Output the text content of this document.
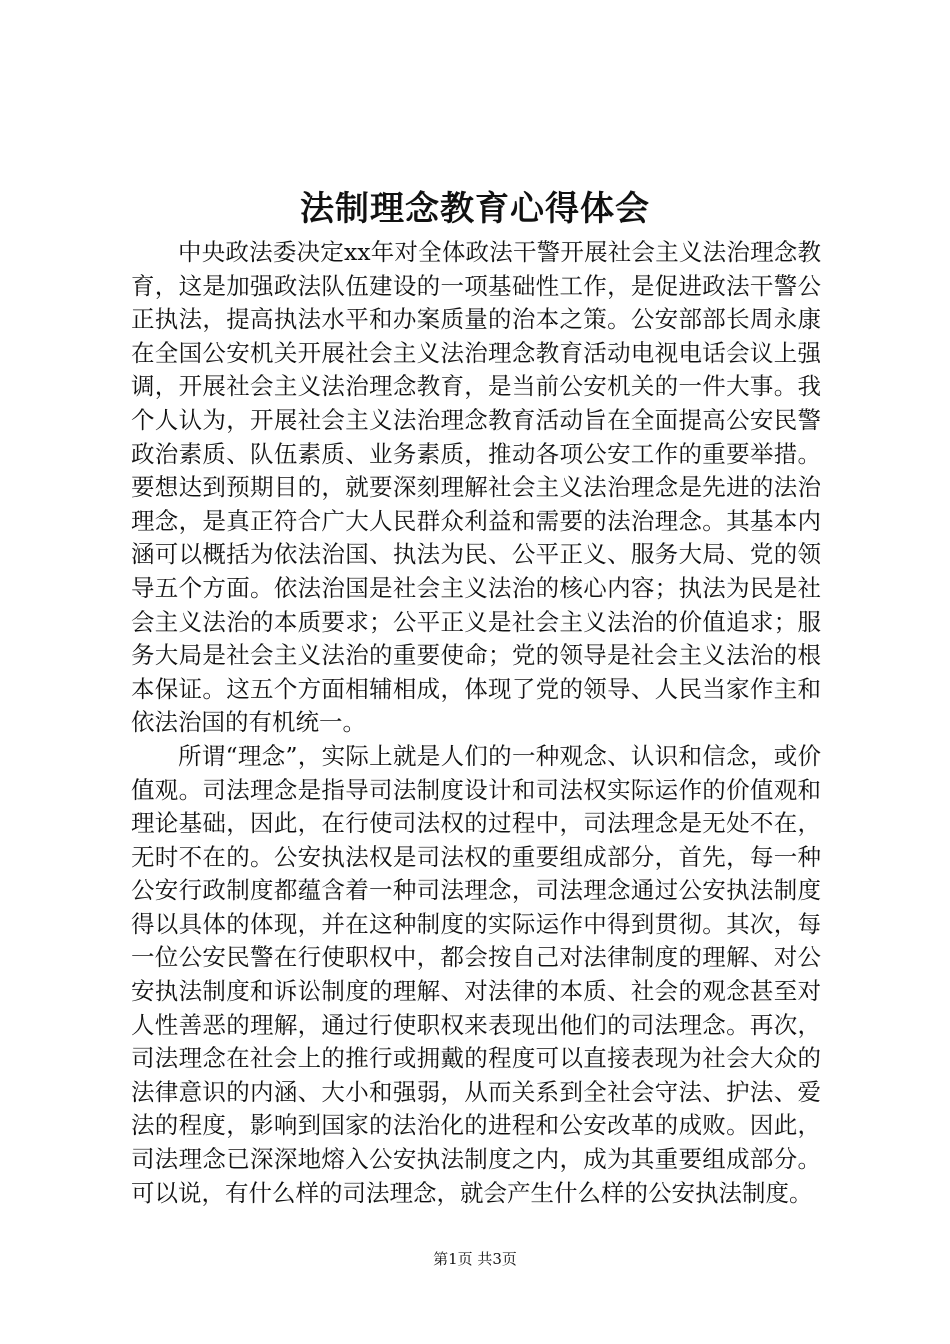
法制理念教育心得体会

中央政法委决定xx年对全体政法干警开展社会主义法治理念教育，这是加强政法队伍建设的一项基础性工作，是促进政法干警公正执法，提高执法水平和办案质量的治本之策。公安部部长周永康在全国公安机关开展社会主义法治理念教育活动电视电话会议上强调，开展社会主义法治理念教育，是当前公安机关的一件大事。我个人认为，开展社会主义法治理念教育活动旨在全面提高公安民警政治素质、队伍素质、业务素质，推动各项公安工作的重要举措。要想达到预期目的，就要深刻理解社会主义法治理念是先进的法治理念，是真正符合广大人民群众利益和需要的法治理念。其基本内涵可以概括为依法治国、执法为民、公平正义、服务大局、党的领导五个方面。依法治国是社会主义法治的核心内容；执法为民是社会主义法治的本质要求；公平正义是社会主义法治的价值追求；服务大局是社会主义法治的重要使命；党的领导是社会主义法治的根本保证。这五个方面相辅相成，体现了党的领导、人民当家作主和依法治国的有机统一。

所谓“理念”，实际上就是人们的一种观念、认识和信念，或价值观。司法理念是指导司法制度设计和司法权实际运作的价值观和理论基础，因此，在行使司法权的过程中，司法理念是无处不在，无时不在的。公安执法权是司法权的重要组成部分，首先，每一种公安行政制度都蕴含着一种司法理念，司法理念通过公安执法制度得以具体的体现，并在这种制度的实际运作中得到贯彻。其次，每一位公安民警在行使职权中，都会按自己对法律制度的理解、对公安执法制度和诉讼制度的理解、对法律的本质、社会的观念甚至对人性善恶的理解，通过行使职权来表现出他们的司法理念。再次，司法理念在社会上的推行或拥戴的程度可以直接表现为社会大众的法律意识的内涵、大小和强弱，从而关系到全社会守法、护法、爱法的程度，影响到国家的法治化的进程和公安改革的成败。因此，司法理念已深深地熔入公安执法制度之内，成为其重要组成部分。可以说，有什么样的司法理念，就会产生什么样的公安执法制度。

第1页 共3页
